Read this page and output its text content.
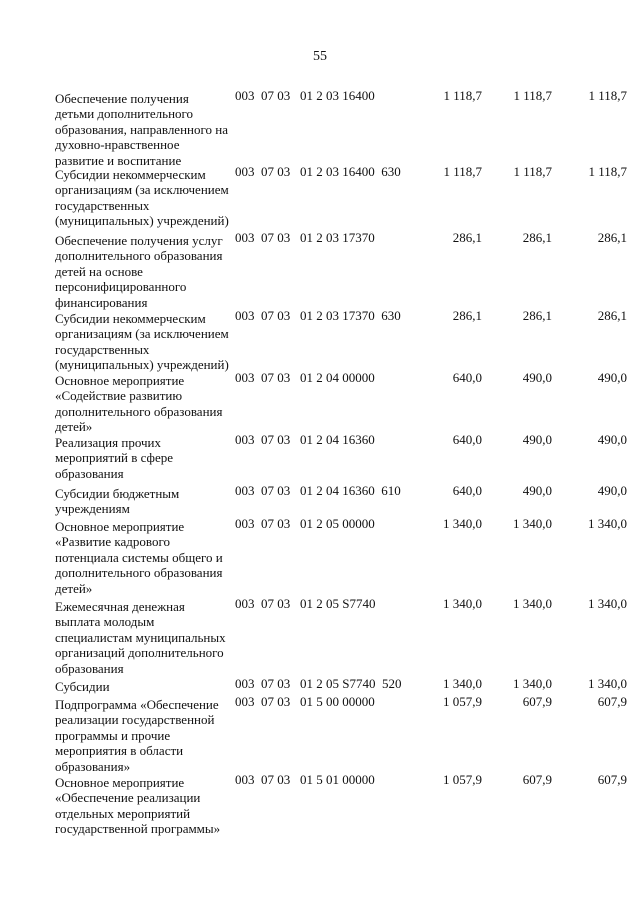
55
Обеспечение получения
детьми дополнительного
образования, направленного на
духовно-нравственное
развитие и воспитание
003  07 03   01 2 03 16400	1 118,7	1 118,7	1 118,7
Субсидии некоммерческим
организациям (за исключением
государственных
(муниципальных) учреждений)
003  07 03   01 2 03 16400  630	1 118,7	1 118,7	1 118,7
Обеспечение получения услуг
дополнительного образования
детей на основе
персонифицированного
финансирования
003  07 03   01 2 03 17370	286,1	286,1	286,1
Субсидии некоммерческим
организациям (за исключением
государственных
(муниципальных) учреждений)
003  07 03   01 2 03 17370  630	286,1	286,1	286,1
Основное мероприятие
«Содействие развитию
дополнительного образования
детей»
003  07 03   01 2 04 00000	640,0	490,0	490,0
Реализация прочих
мероприятий в сфере
образования
003  07 03   01 2 04 16360	640,0	490,0	490,0
Субсидии бюджетным
учреждениям
003  07 03   01 2 04 16360  610	640,0	490,0	490,0
Основное мероприятие
«Развитие кадрового
потенциала системы общего и
дополнительного образования
детей»
003  07 03   01 2 05 00000	1 340,0	1 340,0	1 340,0
Ежемесячная денежная
выплата молодым
специалистам муниципальных
организаций дополнительного
образования
003  07 03   01 2 05 S7740	1 340,0	1 340,0	1 340,0
Субсидии	003  07 03   01 2 05 S7740  520	1 340,0	1 340,0	1 340,0
Подпрограмма «Обеспечение
реализации государственной
программы и прочие
мероприятия в области
образования»
003  07 03   01 5 00 00000	1 057,9	607,9	607,9
Основное мероприятие
«Обеспечение реализации
отдельных мероприятий
государственной программы»
003  07 03   01 5 01 00000	1 057,9	607,9	607,9
